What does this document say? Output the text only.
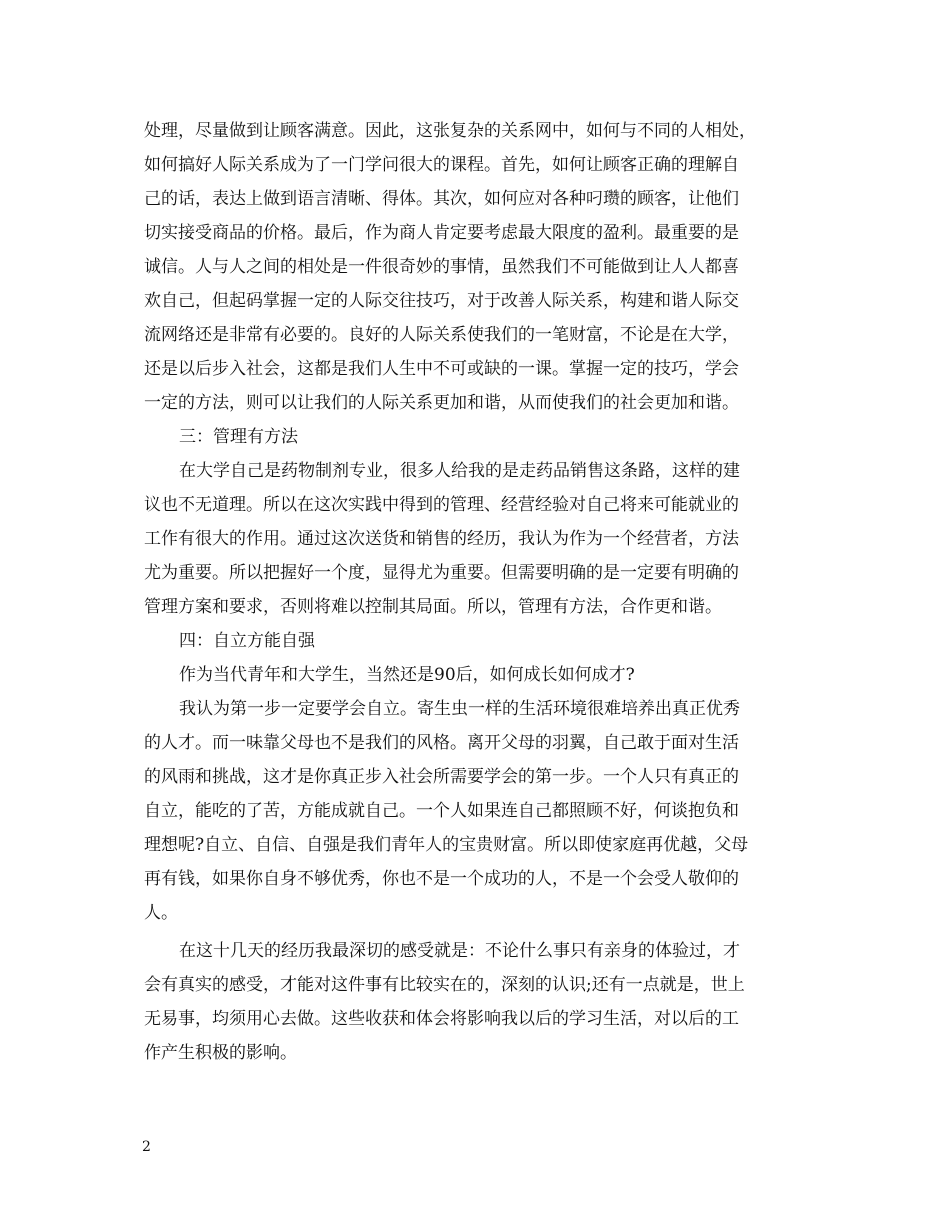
处理，尽量做到让顾客满意。因此，这张复杂的关系网中，如何与不同的人相处，
如何搞好人际关系成为了一门学问很大的课程。首先，如何让顾客正确的理解自
己的话，表达上做到语言清晰、得体。其次，如何应对各种叼瓒的顾客，让他们
切实接受商品的价格。最后，作为商人肯定要考虑最大限度的盈利。最重要的是
诚信。人与人之间的相处是一件很奇妙的事情，虽然我们不可能做到让人人都喜
欢自己，但起码掌握一定的人际交往技巧，对于改善人际关系，构建和谐人际交
流网络还是非常有必要的。良好的人际关系使我们的一笔财富，不论是在大学，
还是以后步入社会，这都是我们人生中不可或缺的一课。掌握一定的技巧，学会
一定的方法，则可以让我们的人际关系更加和谐，从而使我们的社会更加和谐。
三：管理有方法
在大学自己是药物制剂专业，很多人给我的是走药品销售这条路，这样的建
议也不无道理。所以在这次实践中得到的管理、经营经验对自己将来可能就业的
工作有很大的作用。通过这次送货和销售的经历，我认为作为一个经营者，方法
尤为重要。所以把握好一个度，显得尤为重要。但需要明确的是一定要有明确的
管理方案和要求，否则将难以控制其局面。所以，管理有方法，合作更和谐。
四：自立方能自强
作为当代青年和大学生，当然还是90后，如何成长如何成才?
我认为第一步一定要学会自立。寄生虫一样的生活环境很难培养出真正优秀
的人才。而一味靠父母也不是我们的风格。离开父母的羽翼，自己敢于面对生活
的风雨和挑战，这才是你真正步入社会所需要学会的第一步。一个人只有真正的
自立，能吃的了苦，方能成就自己。一个人如果连自己都照顾不好，何谈抱负和
理想呢?自立、自信、自强是我们青年人的宝贵财富。所以即使家庭再优越，父母
再有钱，如果你自身不够优秀，你也不是一个成功的人，不是一个会受人敬仰的
人。
在这十几天的经历我最深切的感受就是：不论什么事只有亲身的体验过，才
会有真实的感受，才能对这件事有比较实在的，深刻的认识;还有一点就是，世上
无易事，均须用心去做。这些收获和体会将影响我以后的学习生活，对以后的工
作产生积极的影响。
2
